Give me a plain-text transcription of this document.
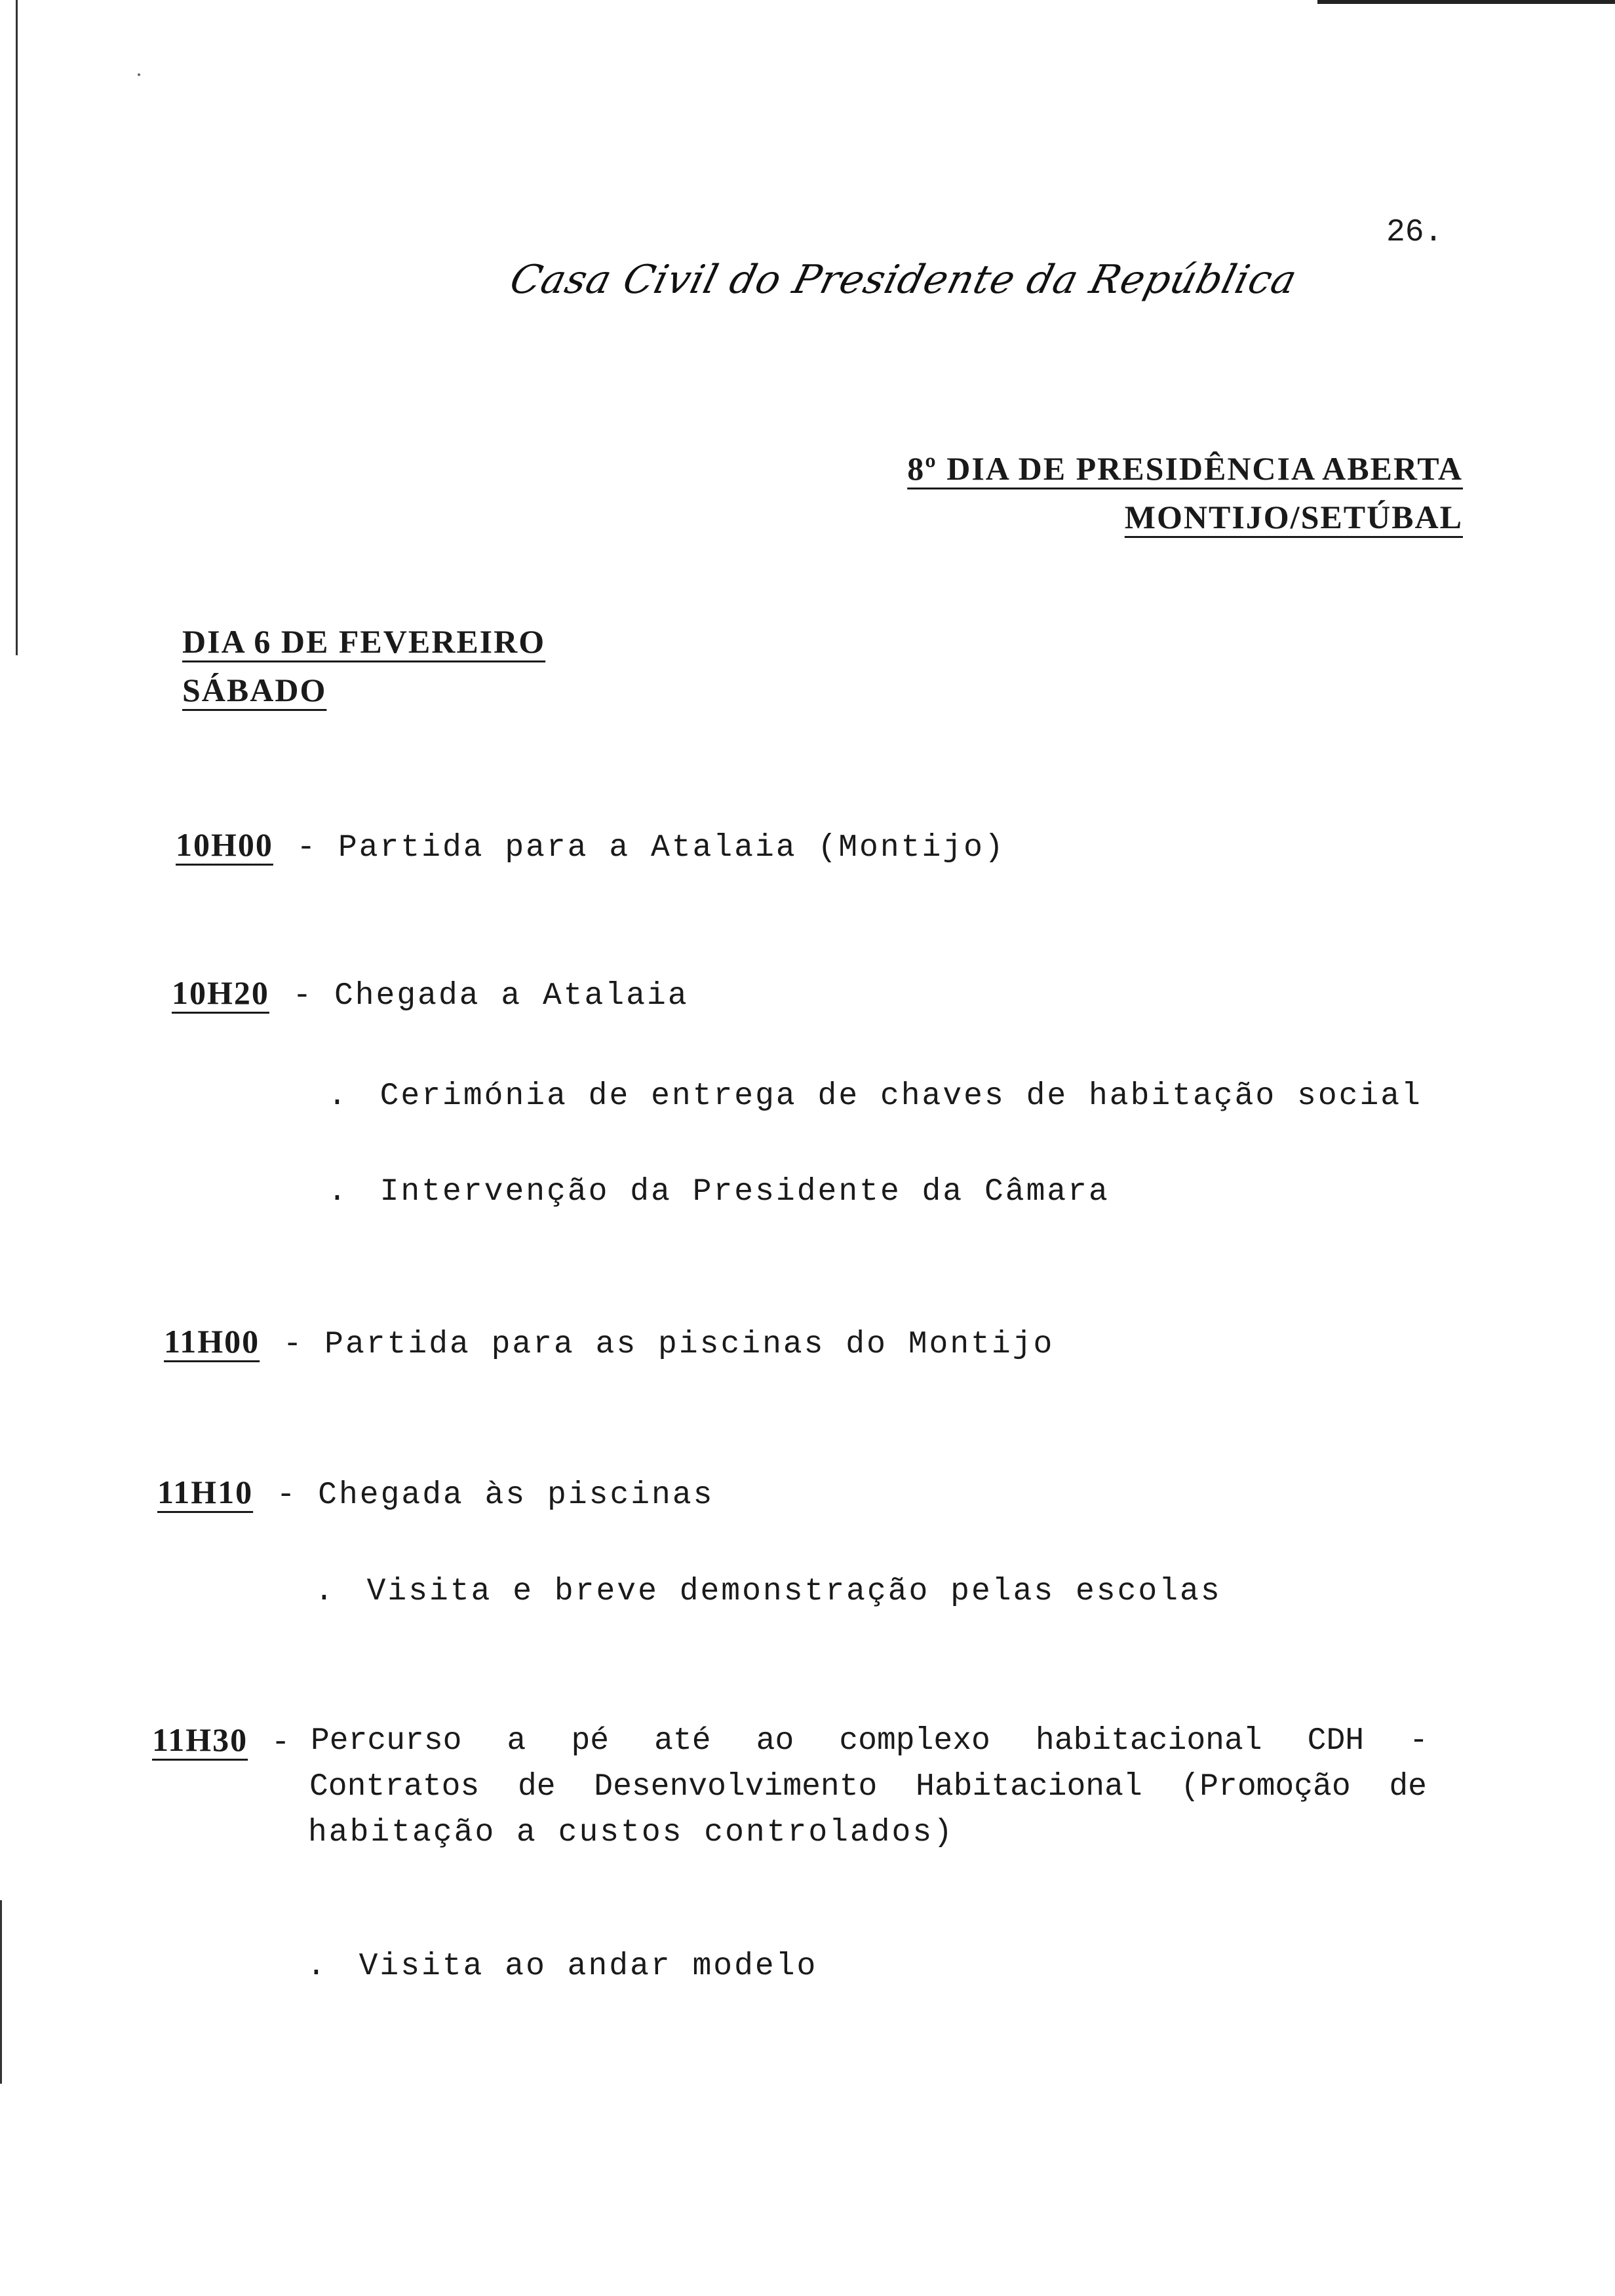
26.
Casa Civil do Presidente da República
8º DIA DE PRESIDÊNCIA ABERTA
MONTIJO/SETÚBAL
DIA 6 DE FEVEREIRO
SÁBADO
10H00 - Partida para a Atalaia (Montijo)
10H20 - Chegada a Atalaia
. Cerimónia de entrega de chaves de habitação social
. Intervenção da Presidente da Câmara
11H00 - Partida para as piscinas do Montijo
11H10 - Chegada às piscinas
. Visita e breve demonstração pelas escolas
11H30 - Percurso a pé até ao complexo habitacional CDH -
Contratos de Desenvolvimento Habitacional (Promoção de
habitação a custos controlados)
. Visita ao andar modelo
